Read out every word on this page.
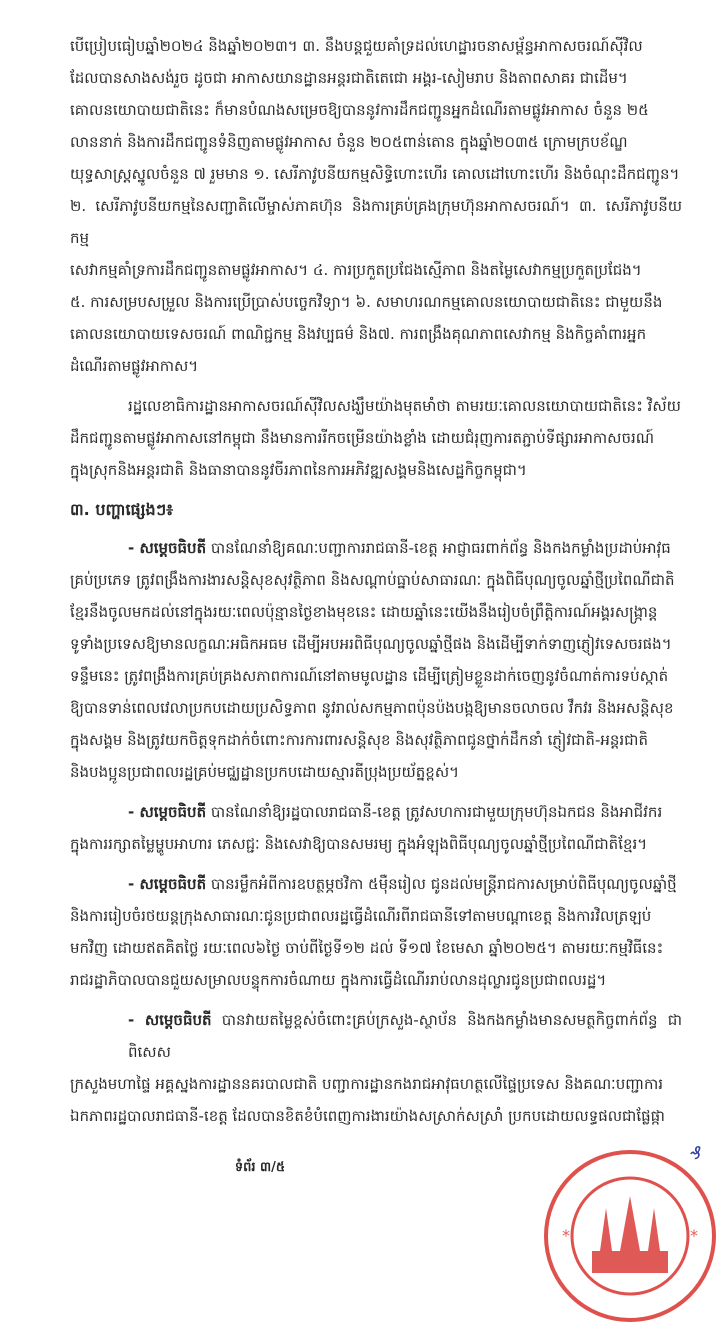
បើប្រៀបធៀបឆ្នាំ២០២៤ និងឆ្នាំ២០២៣។ ៣. នឹងបន្តជួយគាំទ្រដល់ហេដ្ឋារចនាសម្ព័ន្ធអាកាសចរណ៍ស៊ីវិល
ដែលបានសាងសង់រួច ដូចជា អាកាសយានដ្ឋានអន្តរជាតិតេជោ អង្គរ-សៀមរាប និងតាពសាគរ ជាដើម។
គោលនយោបាយជាតិនេះ ក៏មានបំណងសម្រេចឱ្យបាននូវការដឹកជញ្ជូនអ្នកដំណើរតាមផ្លូវអាកាស ចំនួន ២៥
លាននាក់ និងការដឹកជញ្ជូនទំនិញតាមផ្លូវអាកាស ចំនួន ២០៥ពាន់តោន ក្នុងឆ្នាំ២០៣៥ ក្រោមក្របខ័ណ្ឌ
យុទ្ធសាស្ត្រស្នូលចំនួន ៧ រួមមាន ១. សេរីភាវូបនីយកម្មសិទ្ធិហោះហើរ គោលដៅហោះហើរ និងចំណុះដឹកជញ្ជូន។
២. សេរីភាវូបនីយកម្មនៃសញ្ជាតិលើម្ចាស់ភាគហ៊ុន និងការគ្រប់គ្រងក្រុមហ៊ុនអាកាសចរណ៍។ ៣. សេរីភាវូបនីយកម្ម
សេវាកម្មគាំទ្រការដឹកជញ្ជូនតាមផ្លូវអាកាស។ ៤. ការប្រកួតប្រជែងស្មើភាព និងតម្លៃសេវាកម្មប្រកួតប្រជែង។
៥. ការសម្របសម្រួល និងការប្រើប្រាស់បច្ចេកវិទ្យា។ ៦. សមាហរណកម្មគោលនយោបាយជាតិនេះ ជាមួយនឹង
គោលនយោបាយទេសចរណ៍ ពាណិជ្ជកម្ម និងវប្បធម៌ និង៧. ការពង្រឹងគុណភាពសេវាកម្ម និងកិច្ចគាំពារអ្នក
ដំណើរតាមផ្លូវអាកាស។
រដ្ឋលេខាធិការដ្ឋានអាកាសចរណ៍ស៊ីវិលសង្ឃឹមយ៉ាងមុតមាំថា តាមរយៈគោលនយោបាយជាតិនេះ វិស័យ
ដឹកជញ្ជូនតាមផ្លូវអាកាសនៅកម្ពុជា នឹងមានការរីកចម្រើនយ៉ាងខ្លាំង ដោយជំរុញការតភ្ជាប់ទីផ្សារអាកាសចរណ៍
ក្នុងស្រុកនិងអន្តរជាតិ និងធានាបាននូវចីរភាពនៃការអភិវឌ្ឍសង្គមនិងសេដ្ឋកិច្ចកម្ពុជា។
៣. បញ្ហាផ្សេងៗ៖
- សម្តេចធិបតី បានណែនាំឱ្យគណៈបញ្ជាការរាជធានី-ខេត្ត អាជ្ញាធរពាក់ព័ន្ធ និងកងកម្លាំងប្រដាប់អាវុធ
គ្រប់ប្រភេទ ត្រូវពង្រឹងការងារសន្តិសុខសុវត្ថិភាព និងសណ្តាប់ធ្នាប់សាធារណៈ ក្នុងពិធីបុណ្យចូលឆ្នាំថ្មីប្រពៃណីជាតិ
ខ្មែរនឹងចូលមកដល់នៅក្នុងរយៈពេលប៉ុន្មានថ្ងៃខាងមុខនេះ ដោយឆ្នាំនេះយើងនឹងរៀបចំព្រឹត្តិការណ៍អង្គរសង្ក្រាន្ត
ទូទាំងប្រទេសឱ្យមានលក្ខណៈអធិកអធម ដើម្បីអបអរពិធីបុណ្យចូលឆ្នាំថ្មីផង និងដើម្បីទាក់ទាញភ្ញៀវទេសចរផង។
ទន្ទឹមនេះ ត្រូវពង្រឹងការគ្រប់គ្រងសភាពការណ៍នៅតាមមូលដ្ឋាន ដើម្បីត្រៀមខ្លួនដាក់ចេញនូវចំណាត់ការទប់ស្កាត់
ឱ្យបានទាន់ពេលវេលាប្រកបដោយប្រសិទ្ធភាព នូវរាល់សកម្មភាពប៉ុនប៉ងបង្កឱ្យមានចលាចល វឹកវរ និងអសន្តិសុខ
ក្នុងសង្គម និងត្រូវយកចិត្តទុកដាក់ចំពោះការការពារសន្តិសុខ និងសុវត្ថិភាពជូនថ្នាក់ដឹកនាំ ភ្ញៀវជាតិ-អន្តរជាតិ
និងបងប្អូនប្រជាពលរដ្ឋគ្រប់មជ្ឈដ្ឋានប្រកបដោយស្មារតីប្រុងប្រយ័ត្នខ្ពស់។
- សម្តេចធិបតី បានណែនាំឱ្យរដ្ឋបាលរាជធានី-ខេត្ត ត្រូវសហការជាមួយក្រុមហ៊ុនឯកជន និងអាជីវករ
ក្នុងការរក្សាតម្លៃម្ហូបអាហារ ភេសជ្ជៈ និងសេវាឱ្យបានសមរម្យ ក្នុងអំឡុងពិធីបុណ្យចូលឆ្នាំថ្មីប្រពៃណីជាតិខ្មែរ។
- សម្តេចធិបតី បានរម្លឹកអំពីការឧបត្ថម្ភថវិកា ៥ម៉ឺនរៀល ជូនដល់មន្ត្រីរាជការសម្រាប់ពិធីបុណ្យចូលឆ្នាំថ្មី
និងការរៀបចំរថយន្តក្រុងសាធារណៈជូនប្រជាពលរដ្ឋធ្វើដំណើរពីរាជធានីទៅតាមបណ្តាខេត្ត និងការវិលត្រឡប់
មកវិញ ដោយឥតគិតថ្លៃ រយៈពេល៦ថ្ងៃ ចាប់ពីថ្ងៃទី១២ ដល់ ទី១៧ ខែមេសា ឆ្នាំ២០២៥។ តាមរយៈកម្មវិធីនេះ
រាជរដ្ឋាភិបាលបានជួយសម្រាលបន្ទុកការចំណាយ ក្នុងការធ្វើដំណើររាប់លានដុល្លារជូនប្រជាពលរដ្ឋ។
- សម្តេចធិបតី បានវាយតម្លៃខ្ពស់ចំពោះគ្រប់ក្រសួង-ស្ថាប័ន និងកងកម្លាំងមានសមត្ថកិច្ចពាក់ព័ន្ធ ជាពិសេស
ក្រសួងមហាផ្ទៃ អគ្គស្នងការដ្ឋាននគរបាលជាតិ បញ្ជាការដ្ឋានកងរាជអាវុធហត្ថលើផ្ទៃប្រទេស និងគណៈបញ្ជាការ
ឯកភាពរដ្ឋបាលរាជធានី-ខេត្ត ដែលបានខិតខំបំពេញការងារយ៉ាងសស្រាក់សស្រាំ ប្រកបដោយលទ្ធផលជាផ្លែផ្កា
ទំព័រ ៣/៥
*	*
₰
